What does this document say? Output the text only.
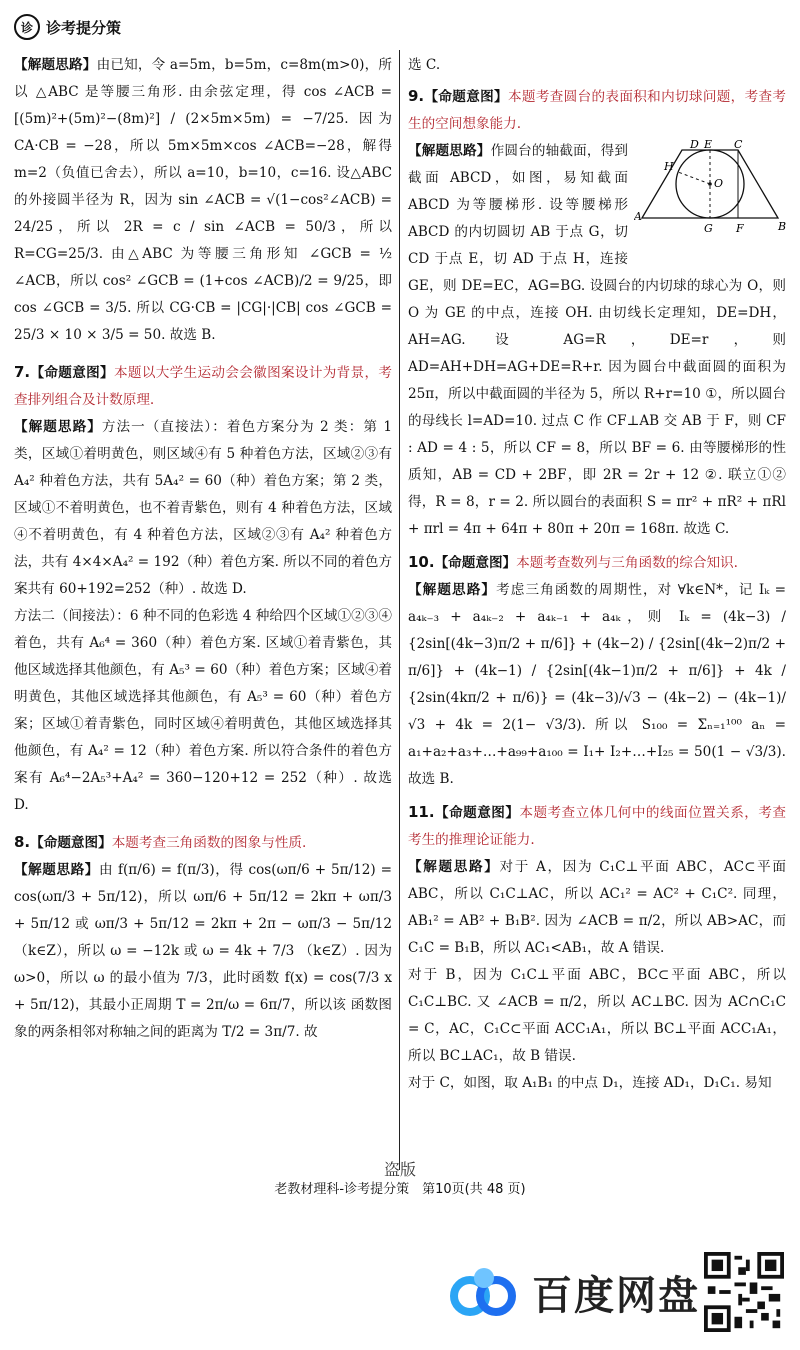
诊 诊考提分策

【解题思路】由已知，令 a=5m，b=5m，c=8m(m>0)，所以 △ABC 是等腰三角形. 由余弦定理，得 cos ∠ACB = [(5m)²+(5m)²−(8m)²] / (2×5m×5m) = −7/25. 因为 CA·CB = −28，所以 5m×5m×cos ∠ACB=−28，解得 m=2（负值已舍去），所以 a=10，b=10，c=16. 设△ABC 的外接圆半径为 R，因为 sin ∠ACB = √(1−cos²∠ACB) = 24/25，所以 2R = c / sin ∠ACB = 50/3，所以 R=CG=25/3. 由△ABC 为等腰三角形知 ∠GCB = ½ ∠ACB，所以 cos² ∠GCB = (1+cos ∠ACB)/2 = 9/25，即 cos ∠GCB = 3/5. 所以 CG·CB = |CG|·|CB| cos ∠GCB = 25/3 × 10 × 3/5 = 50. 故选 B.

7.【命题意图】本题以大学生运动会会徽图案设计为背景，考查排列组合及计数原理.

【解题思路】方法一（直接法）：着色方案分为 2 类：第 1 类，区域①着明黄色，则区域④有 5 种着色方法，区域②③有 A₄² 种着色方法，共有 5A₄² = 60（种）着色方案；第 2 类，区域①不着明黄色，也不着青紫色，则有 4 种着色方法，区域④不着明黄色，有 4 种着色方法，区域②③有 A₄² 种着色方法，共有 4×4×A₄² = 192（种）着色方案. 所以不同的着色方案共有 60+192=252（种）. 故选 D.

方法二（间接法）：6 种不同的色彩选 4 种给四个区域①②③④着色，共有 A₆⁴ = 360（种）着色方案. 区域①着青紫色，其他区域选择其他颜色，有 A₅³ = 60（种）着色方案；区域④着明黄色，其他区域选择其他颜色，有 A₅³ = 60（种）着色方案；区域①着青紫色，同时区域④着明黄色，其他区域选择其他颜色，有 A₄² = 12（种）着色方案. 所以符合条件的着色方案有 A₆⁴−2A₅³+A₄² = 360−120+12 = 252（种）. 故选 D.

8.【命题意图】本题考查三角函数的图象与性质.

【解题思路】由 f(π/6) = f(π/3)，得 cos(ωπ/6 + 5π/12) = cos(ωπ/3 + 5π/12)，所以 ωπ/6 + 5π/12 = 2kπ + ωπ/3 + 5π/12 或 ωπ/3 + 5π/12 = 2kπ + 2π − ωπ/3 − 5π/12（k∈Z），所以 ω = −12k 或 ω = 4k + 7/3 （k∈Z）. 因为 ω>0，所以 ω 的最小值为 7/3，此时函数 f(x) = cos(7/3 x + 5π/12)，其最小正周期 T = 2π/ω = 6π/7，所以该 函数图象的两条相邻对称轴之间的距离为 T/2 = 3π/7. 故

选 C.

9.【命题意图】本题考查圆台的表面积和内切球问题，考查考生的空间想象能力.

D E C
H
O
A
G F	B

【解题思路】作圆台的轴截面，得到截面 ABCD，如图，易知截面 ABCD 为等腰梯形. 设等腰梯形 ABCD 的内切圆切 AB 于点 G，切 CD 于点 E，切 AD 于点 H，连接 GE，则 DE=EC，AG=BG. 设圆台的内切球的球心为 O，则 O 为 GE 的中点，连接 OH. 由切线长定理知，DE=DH，AH=AG. 设 AG=R，DE=r，则 AD=AH+DH=AG+DE=R+r. 因为圆台中截面圆的面积为 25π，所以中截面圆的半径为 5，所以 R+r=10 ①，所以圆台的母线长 l=AD=10. 过点 C 作 CF⊥AB 交 AB 于 F，则 CF : AD = 4 : 5，所以 CF = 8，所以 BF = 6. 由等腰梯形的性质知，AB = CD + 2BF，即 2R = 2r + 12 ②. 联立①②得，R = 8，r = 2. 所以圆台的表面积 S = πr² + πR² + πRl + πrl = 4π + 64π + 80π + 20π = 168π. 故选 C.

10.【命题意图】本题考查数列与三角函数的综合知识.

【解题思路】考虑三角函数的周期性，对 ∀k∈N*，记 Iₖ = a₄ₖ₋₃ + a₄ₖ₋₂ + a₄ₖ₋₁ + a₄ₖ，则 Iₖ = (4k−3) / {2sin[(4k−3)π/2 + π/6]} + (4k−2) / {2sin[(4k−2)π/2 + π/6]} + (4k−1) / {2sin[(4k−1)π/2 + π/6]} + 4k / {2sin(4kπ/2 + π/6)} = (4k−3)/√3 − (4k−2) − (4k−1)/√3 + 4k = 2(1− √3/3). 所以 S₁₀₀ = Σₙ₌₁¹⁰⁰ aₙ = a₁+a₂+a₃+…+a₉₉+a₁₀₀ = I₁+ I₂+…+I₂₅ = 50(1 − √3/3). 故选 B.

11.【命题意图】本题考查立体几何中的线面位置关系，考查考生的推理论证能力.

【解题思路】对于 A，因为 C₁C⊥平面 ABC，AC⊂平面 ABC，所以 C₁C⊥AC，所以 AC₁² = AC² + C₁C². 同理，AB₁² = AB² + B₁B². 因为 ∠ACB = π/2，所以 AB>AC，而 C₁C = B₁B，所以 AC₁<AB₁，故 A 错误.

对于 B，因为 C₁C⊥平面 ABC，BC⊂平面 ABC，所以 C₁C⊥BC. 又 ∠ACB = π/2，所以 AC⊥BC. 因为 AC∩C₁C = C，AC，C₁C⊂平面 ACC₁A₁，所以 BC⊥平面 ACC₁A₁，所以 BC⊥AC₁，故 B 错误.

对于 C，如图，取 A₁B₁ 的中点 D₁，连接 AD₁，D₁C₁. 易知

盗版
老教材理科-诊考提分策　第10页(共 48 页)
百度网盘
